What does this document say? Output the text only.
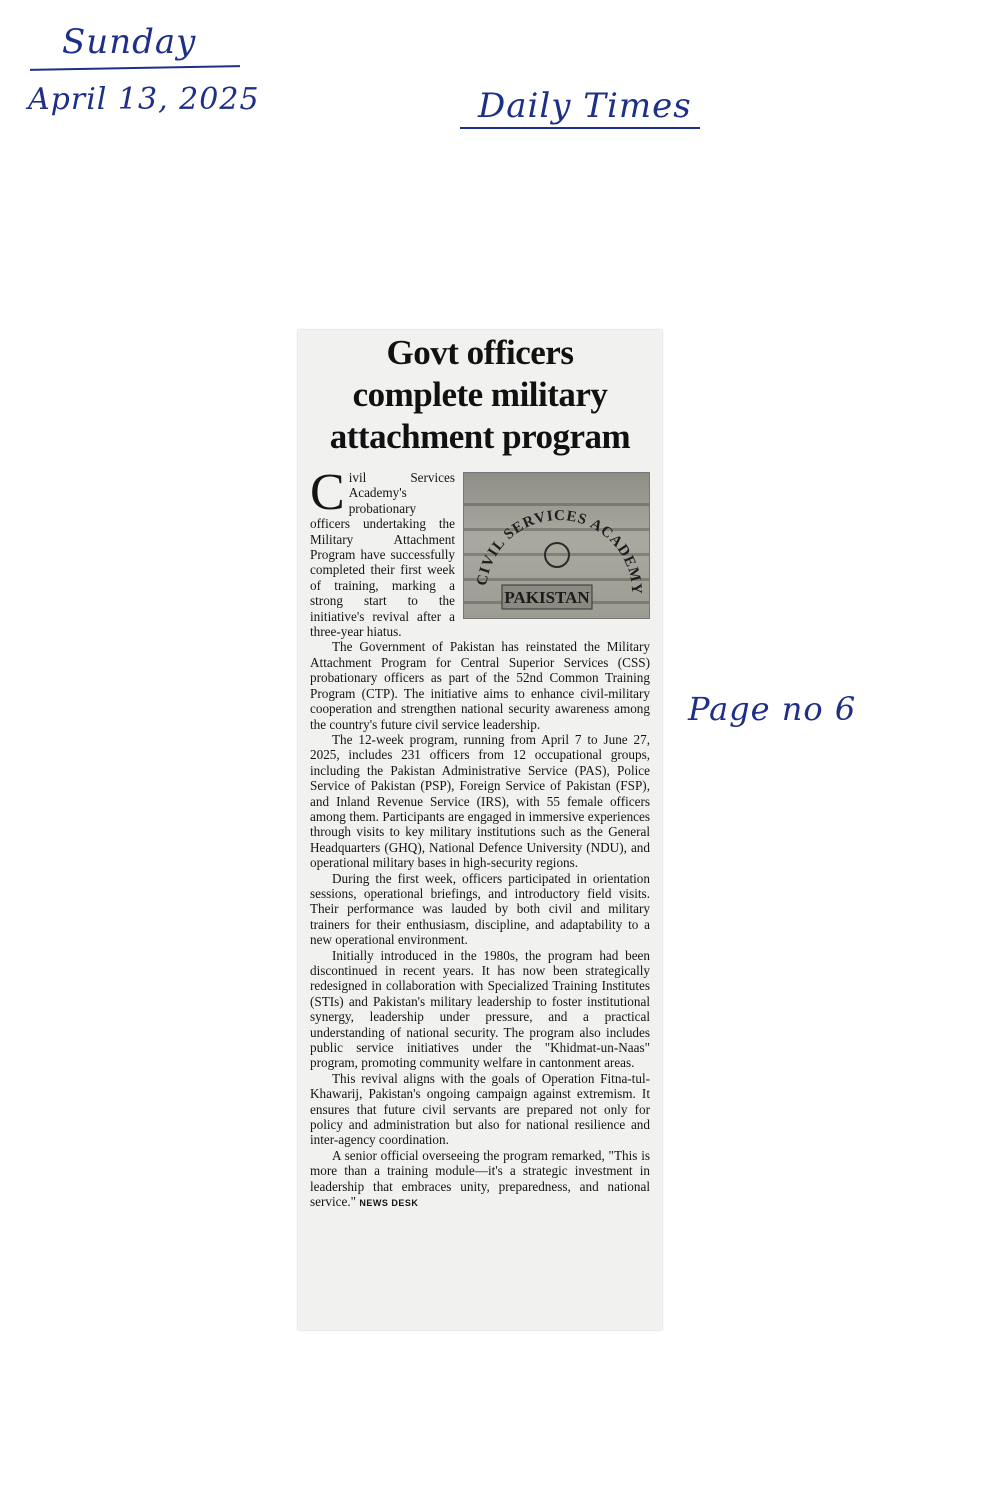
Sunday
April 13, 2025	Daily Times
Page no 6
Govt officers
complete military
attachment program
CIVIL SERVICES ACADEMY
PAKISTAN

Civil Services Academy's probationary officers undertaking the Military Attachment Program have successfully completed their first week of training, marking a strong start to the initiative's revival after a three-year hiatus.

The Government of Pakistan has reinstated the Military Attachment Program for Central Superior Services (CSS) probationary officers as part of the 52nd Common Training Program (CTP). The initiative aims to enhance civil-military cooperation and strengthen national security awareness among the country's future civil service leadership.

The 12-week program, running from April 7 to June 27, 2025, includes 231 officers from 12 occupational groups, including the Pakistan Administrative Service (PAS), Police Service of Pakistan (PSP), Foreign Service of Pakistan (FSP), and Inland Revenue Service (IRS), with 55 female officers among them. Participants are engaged in immersive experiences through visits to key military institutions such as the General Headquarters (GHQ), National Defence University (NDU), and operational military bases in high-security regions.

During the first week, officers participated in orientation sessions, operational briefings, and introductory field visits. Their performance was lauded by both civil and military trainers for their enthusiasm, discipline, and adaptability to a new operational environment.

Initially introduced in the 1980s, the program had been discontinued in recent years. It has now been strategically redesigned in collaboration with Specialized Training Institutes (STIs) and Pakistan's military leadership to foster institutional synergy, leadership under pressure, and a practical understanding of national security. The program also includes public service initiatives under the "Khidmat-un-Naas" program, promoting community welfare in cantonment areas.

This revival aligns with the goals of Operation Fitna-tul-Khawarij, Pakistan's ongoing campaign against extremism. It ensures that future civil servants are prepared not only for policy and administration but also for national resilience and inter-agency coordination.

A senior official overseeing the program remarked, "This is more than a training module—it's a strategic investment in leadership that embraces unity, preparedness, and national service." NEWS DESK
